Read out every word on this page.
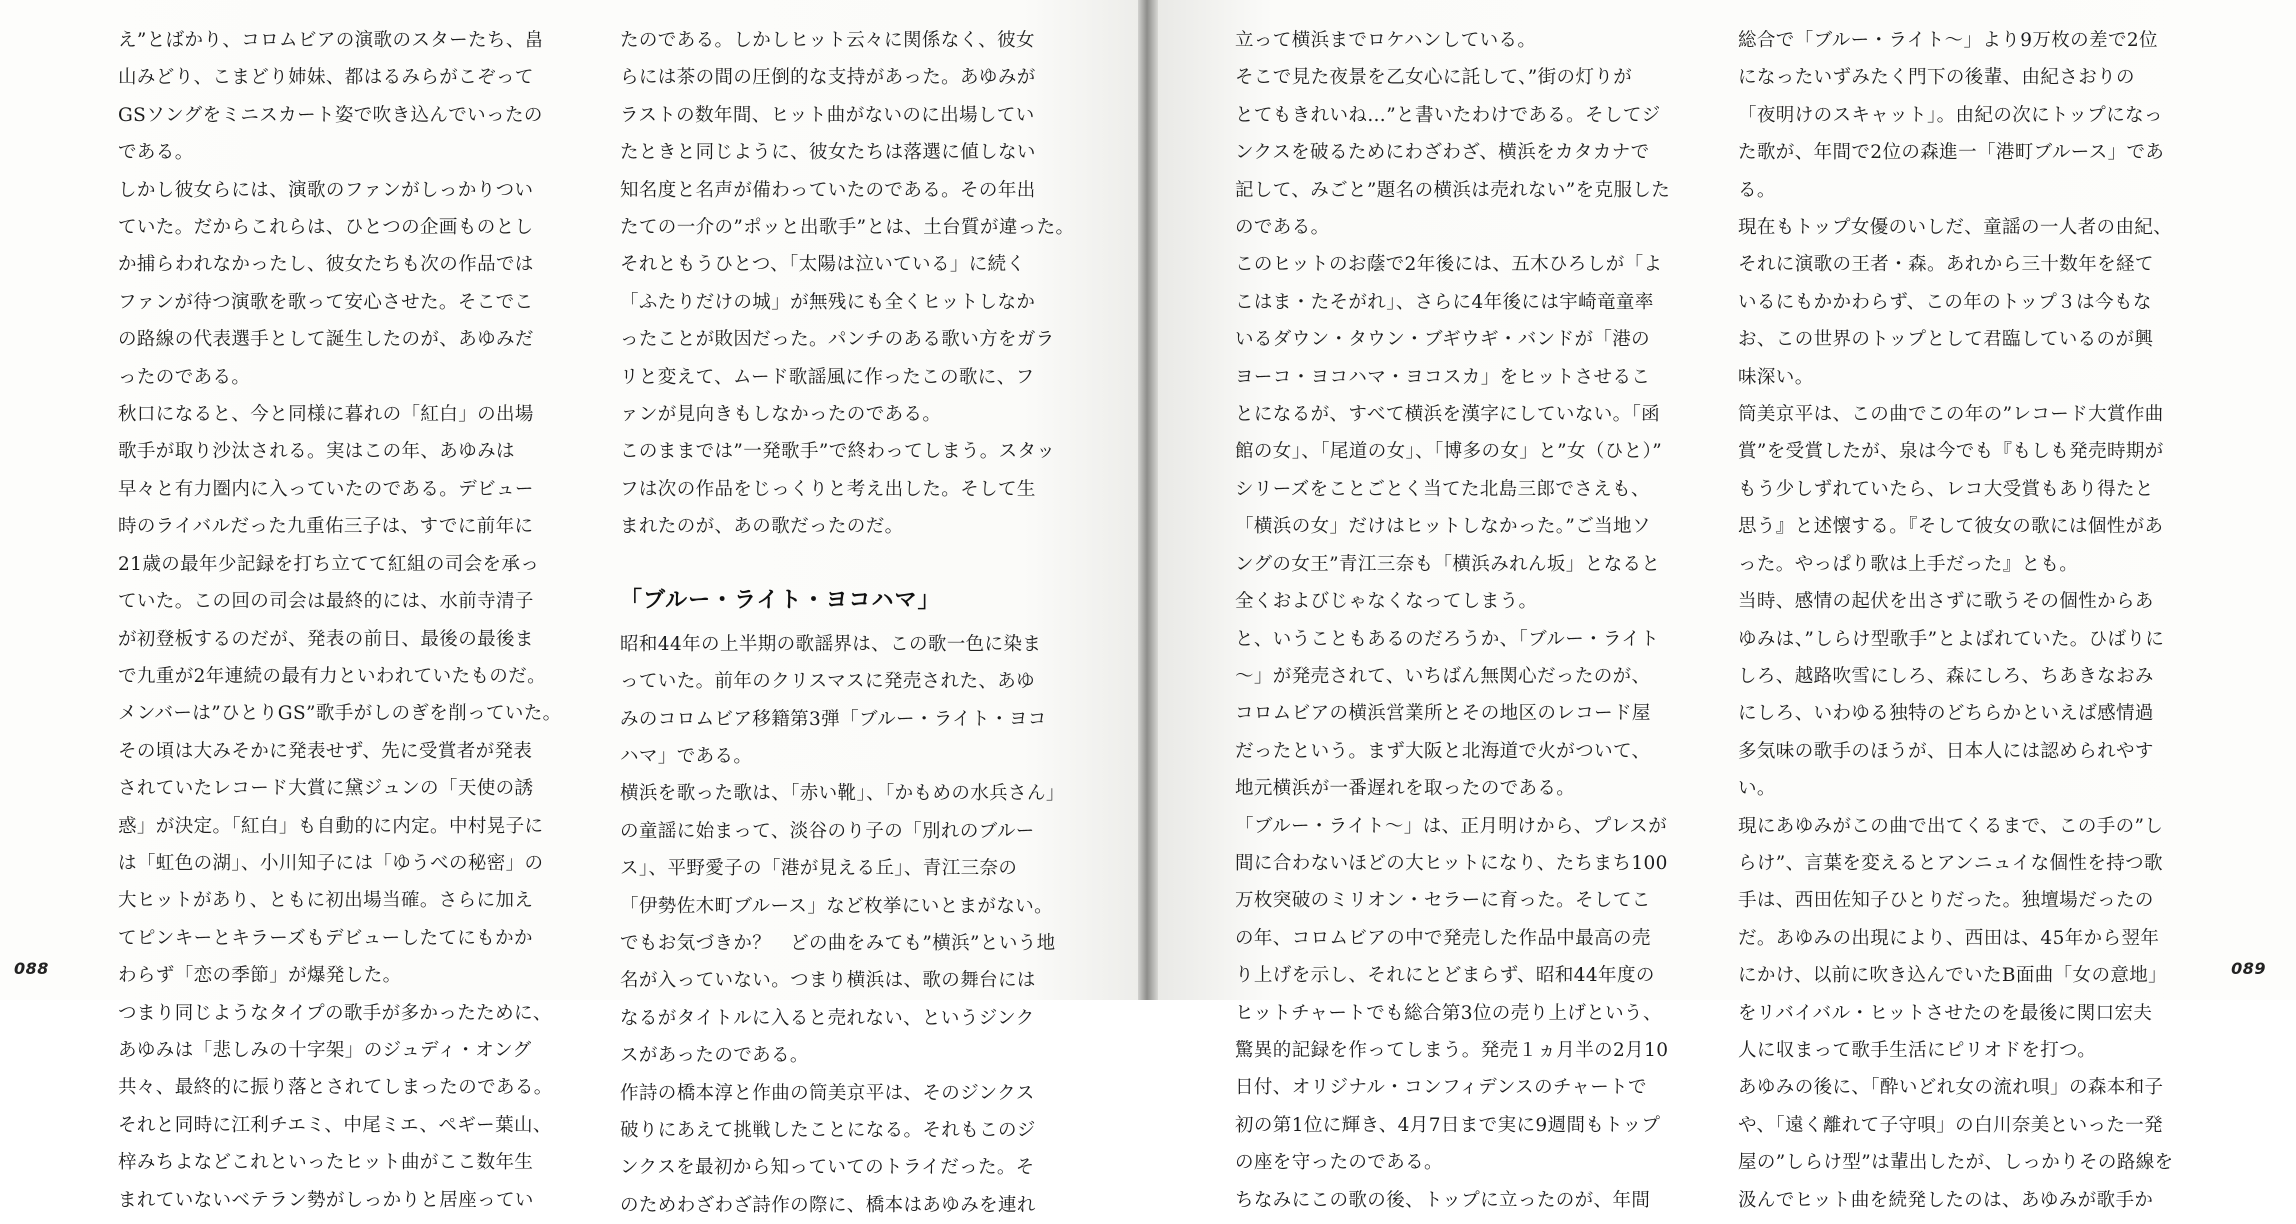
え”とばかり、コロムビアの演歌のスターたち、畠
山みどり、こまどり姉妹、都はるみらがこぞって
GSソングをミニスカート姿で吹き込んでいったの
である。

しかし彼女らには、演歌のファンがしっかりつい
ていた。だからこれらは、ひとつの企画ものとし
か捕らわれなかったし、彼女たちも次の作品では
ファンが待つ演歌を歌って安心させた。そこでこ
の路線の代表選手として誕生したのが、あゆみだ
ったのである。

秋口になると、今と同様に暮れの「紅白」の出場
歌手が取り沙汰される。実はこの年、あゆみは
早々と有力圏内に入っていたのである。デビュー
時のライバルだった九重佑三子は、すでに前年に
21歳の最年少記録を打ち立てて紅組の司会を承っ
ていた。この回の司会は最終的には、水前寺清子
が初登板するのだが、発表の前日、最後の最後ま
で九重が2年連続の最有力といわれていたものだ。

メンバーは”ひとりGS”歌手がしのぎを削っていた。
その頃は大みそかに発表せず、先に受賞者が発表
されていたレコード大賞に黛ジュンの「天使の誘
惑」が決定。「紅白」も自動的に内定。中村晃子に
は「虹色の湖」、小川知子には「ゆうべの秘密」の
大ヒットがあり、ともに初出場当確。さらに加え
てピンキーとキラーズもデビューしたてにもかか
わらず「恋の季節」が爆発した。

つまり同じようなタイプの歌手が多かったために、
あゆみは「悲しみの十字架」のジュディ・オング
共々、最終的に振り落とされてしまったのである。
それと同時に江利チエミ、中尾ミエ、ペギー葉山、
梓みちよなどこれといったヒット曲がここ数年生
まれていないベテラン勢がしっかりと居座ってい

たのである。しかしヒット云々に関係なく、彼女
らには茶の間の圧倒的な支持があった。あゆみが
ラストの数年間、ヒット曲がないのに出場してい
たときと同じように、彼女たちは落選に値しない
知名度と名声が備わっていたのである。その年出
たての一介の”ポッと出歌手”とは、土台質が違った。
それともうひとつ、「太陽は泣いている」に続く
「ふたりだけの城」が無残にも全くヒットしなか
ったことが敗因だった。パンチのある歌い方をガラ
リと変えて、ムード歌謡風に作ったこの歌に、フ
ァンが見向きもしなかったのである。

このままでは”一発歌手”で終わってしまう。スタッ
フは次の作品をじっくりと考え出した。そして生
まれたのが、あの歌だったのだ。

「ブルー・ライト・ヨコハマ」

昭和44年の上半期の歌謡界は、この歌一色に染ま
っていた。前年のクリスマスに発売された、あゆ
みのコロムビア移籍第3弾「ブルー・ライト・ヨコ
ハマ」である。

横浜を歌った歌は、「赤い靴」、「かもめの水兵さん」
の童謡に始まって、淡谷のり子の「別れのブルー
ス」、平野愛子の「港が見える丘」、青江三奈の
「伊勢佐木町ブルース」など枚挙にいとまがない。
でもお気づきか？　どの曲をみても”横浜”という地
名が入っていない。つまり横浜は、歌の舞台には
なるがタイトルに入ると売れない、というジンク
スがあったのである。

作詩の橋本淳と作曲の筒美京平は、そのジンクス
破りにあえて挑戦したことになる。それもこのジ
ンクスを最初から知っていてのトライだった。そ
のためわざわざ詩作の際に、橋本はあゆみを連れ

088	089

立って横浜までロケハンしている。
そこで見た夜景を乙女心に託して、”街の灯りが
とてもきれいね…”と書いたわけである。そしてジ
ンクスを破るためにわざわざ、横浜をカタカナで
記して、みごと”題名の横浜は売れない”を克服した
のである。

このヒットのお蔭で2年後には、五木ひろしが「よ
こはま・たそがれ」、さらに4年後には宇崎竜童率
いるダウン・タウン・ブギウギ・バンドが「港の
ヨーコ・ヨコハマ・ヨコスカ」をヒットさせるこ
とになるが、すべて横浜を漢字にしていない。「函
館の女」、「尾道の女」、「博多の女」と”女（ひと）”
シリーズをことごとく当てた北島三郎でさえも、
「横浜の女」だけはヒットしなかった。”ご当地ソ
ングの女王”青江三奈も「横浜みれん坂」となると
全くおよびじゃなくなってしまう。

と、いうこともあるのだろうか、「ブルー・ライト
～」が発売されて、いちばん無関心だったのが、
コロムビアの横浜営業所とその地区のレコード屋
だったという。まず大阪と北海道で火がついて、
地元横浜が一番遅れを取ったのである。

「ブルー・ライト～」は、正月明けから、プレスが
間に合わないほどの大ヒットになり、たちまち100
万枚突破のミリオン・セラーに育った。そしてこ
の年、コロムビアの中で発売した作品中最高の売
り上げを示し、それにとどまらず、昭和44年度の
ヒットチャートでも総合第3位の売り上げという、
驚異的記録を作ってしまう。発売１ヵ月半の2月10
日付、オリジナル・コンフィデンスのチャートで
初の第1位に輝き、4月7日まで実に9週間もトップ
の座を守ったのである。

ちなみにこの歌の後、トップに立ったのが、年間

総合で「ブルー・ライト～」より9万枚の差で2位
になったいずみたく門下の後輩、由紀さおりの
「夜明けのスキャット」。由紀の次にトップになっ
た歌が、年間で2位の森進一「港町ブルース」であ
る。

現在もトップ女優のいしだ、童謡の一人者の由紀、
それに演歌の王者・森。あれから三十数年を経て
いるにもかかわらず、この年のトップ３は今もな
お、この世界のトップとして君臨しているのが興
味深い。

筒美京平は、この曲でこの年の”レコード大賞作曲
賞”を受賞したが、泉は今でも『もしも発売時期が
もう少しずれていたら、レコ大受賞もあり得たと
思う』と述懐する。『そして彼女の歌には個性があ
った。やっぱり歌は上手だった』とも。

当時、感情の起伏を出さずに歌うその個性からあ
ゆみは、”しらけ型歌手”とよばれていた。ひばりに
しろ、越路吹雪にしろ、森にしろ、ちあきなおみ
にしろ、いわゆる独特のどちらかといえば感情過
多気味の歌手のほうが、日本人には認められやす
い。

現にあゆみがこの曲で出てくるまで、この手の”し
らけ”、言葉を変えるとアンニュイな個性を持つ歌
手は、西田佐知子ひとりだった。独壇場だったの
だ。あゆみの出現により、西田は、45年から翌年
にかけ、以前に吹き込んでいたB面曲「女の意地」
をリバイバル・ヒットさせたのを最後に関口宏夫
人に収まって歌手生活にピリオドを打つ。

あゆみの後に、「酔いどれ女の流れ唄」の森本和子
や、「遠く離れて子守唄」の白川奈美といった一発
屋の”しらけ型”は輩出したが、しっかりその路線を
汲んでヒット曲を続発したのは、あゆみが歌手か
